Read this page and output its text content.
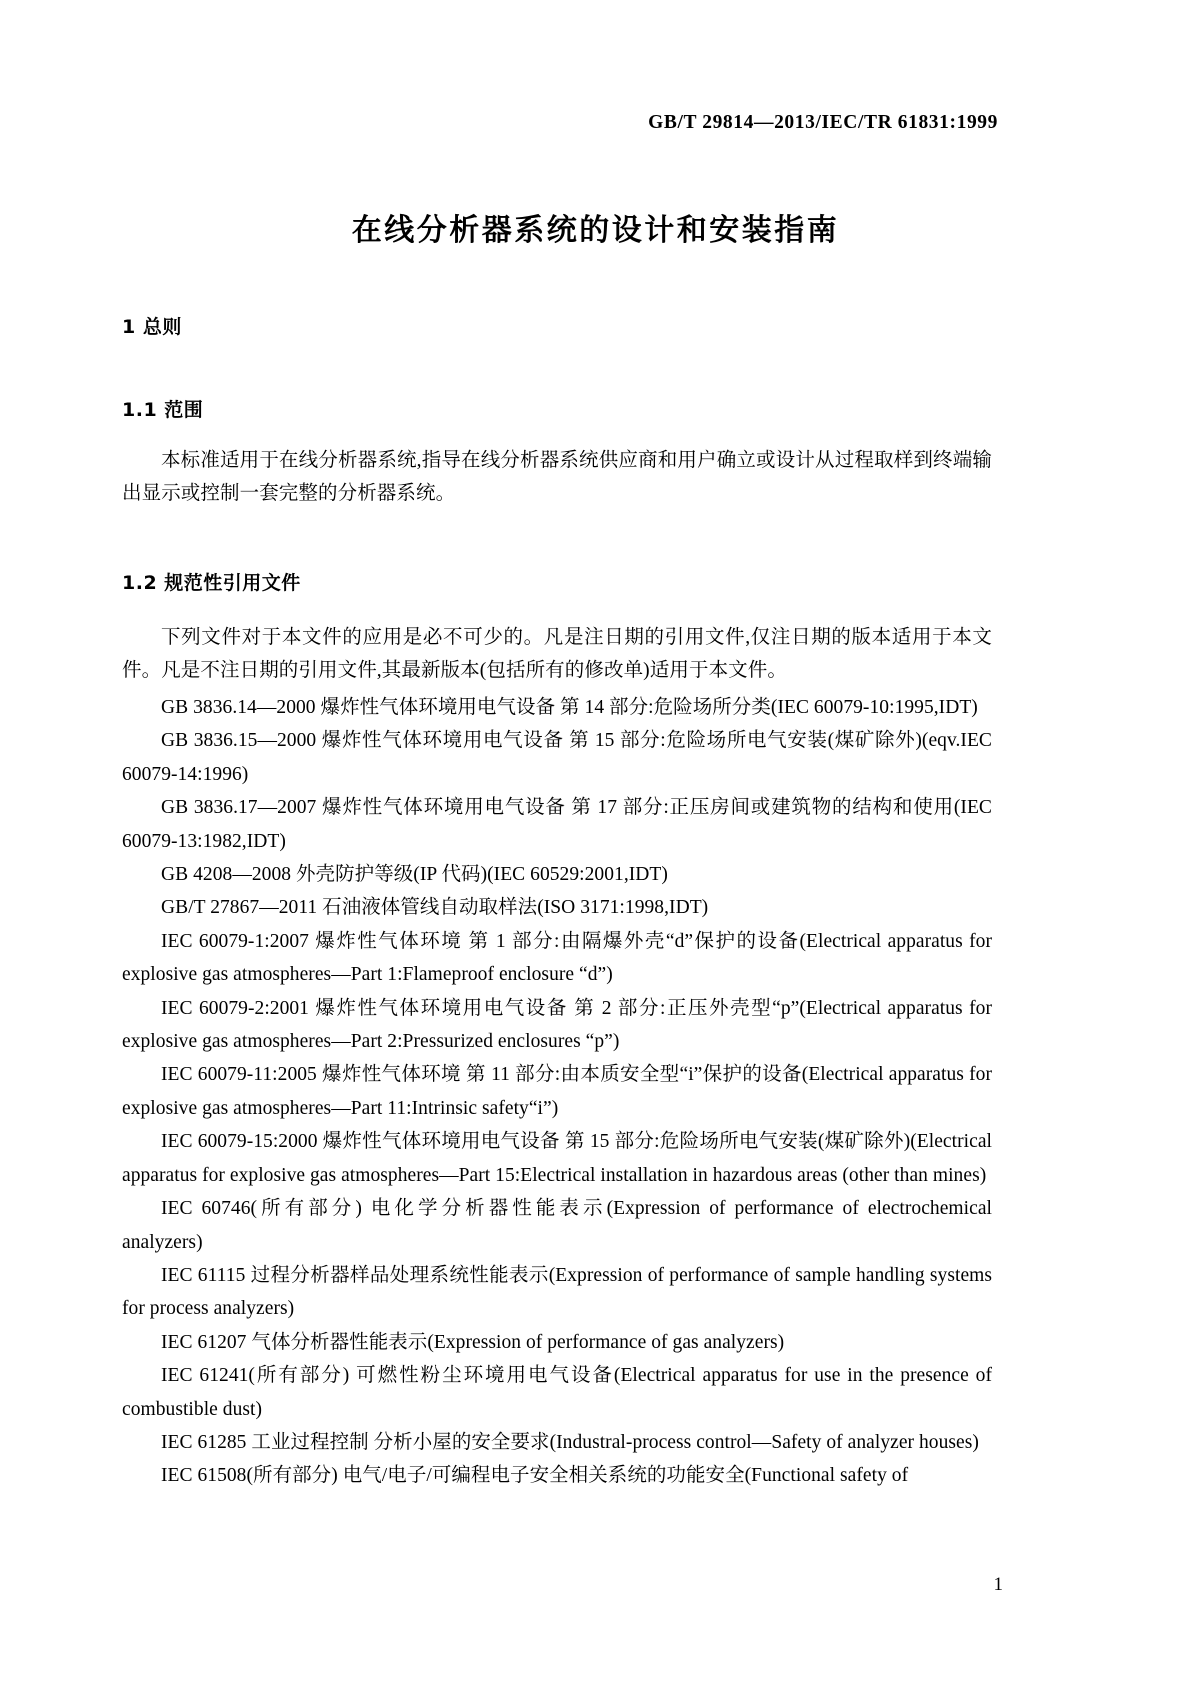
GB/T 29814—2013/IEC/TR 61831:1999
在线分析器系统的设计和安装指南
1 总则
1.1 范围

本标准适用于在线分析器系统,指导在线分析器系统供应商和用户确立或设计从过程取样到终端输出显示或控制一套完整的分析器系统。

1.2 规范性引用文件

下列文件对于本文件的应用是必不可少的。凡是注日期的引用文件,仅注日期的版本适用于本文件。凡是不注日期的引用文件,其最新版本(包括所有的修改单)适用于本文件。

GB 3836.14—2000 爆炸性气体环境用电气设备 第 14 部分:危险场所分类(IEC 60079-10:1995,IDT)
GB 3836.15—2000 爆炸性气体环境用电气设备 第 15 部分:危险场所电气安装(煤矿除外)(eqv.IEC 60079-14:1996)
GB 3836.17—2007 爆炸性气体环境用电气设备 第 17 部分:正压房间或建筑物的结构和使用(IEC 60079-13:1982,IDT)
GB 4208—2008 外壳防护等级(IP 代码)(IEC 60529:2001,IDT)
GB/T 27867—2011 石油液体管线自动取样法(ISO 3171:1998,IDT)
IEC 60079-1:2007 爆炸性气体环境 第 1 部分:由隔爆外壳“d”保护的设备(Electrical apparatus for explosive gas atmospheres—Part 1:Flameproof enclosure “d”)
IEC 60079-2:2001 爆炸性气体环境用电气设备 第 2 部分:正压外壳型“p”(Electrical apparatus for explosive gas atmospheres—Part 2:Pressurized enclosures “p”)
IEC 60079-11:2005 爆炸性气体环境 第 11 部分:由本质安全型“i”保护的设备(Electrical apparatus for explosive gas atmospheres—Part 11:Intrinsic safety“i”)
IEC 60079-15:2000 爆炸性气体环境用电气设备 第 15 部分:危险场所电气安装(煤矿除外)(Electrical apparatus for explosive gas atmospheres—Part 15:Electrical installation in hazardous areas (other than mines)
IEC 60746(所有部分) 电化学分析器性能表示(Expression of performance of electrochemical analyzers)
IEC 61115 过程分析器样品处理系统性能表示(Expression of performance of sample handling systems for process analyzers)
IEC 61207 气体分析器性能表示(Expression of performance of gas analyzers)
IEC 61241(所有部分) 可燃性粉尘环境用电气设备(Electrical apparatus for use in the presence of combustible dust)
IEC 61285 工业过程控制 分析小屋的安全要求(Industral-process control—Safety of analyzer houses)
IEC 61508(所有部分) 电气/电子/可编程电子安全相关系统的功能安全(Functional safety of
1
